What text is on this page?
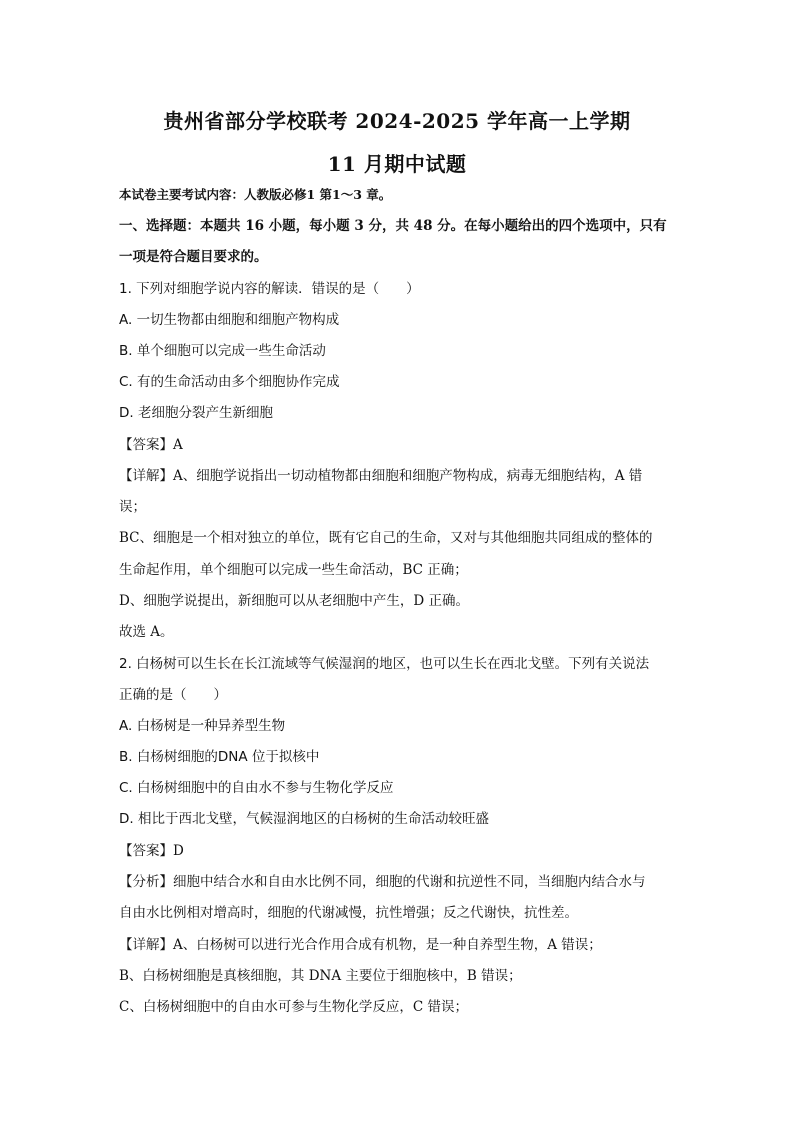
贵州省部分学校联考 2024-2025 学年高一上学期
11 月期中试题
本试卷主要考试内容：人教版必修1 第1～3 章。
一、选择题：本题共 16 小题，每小题 3 分，共 48 分。在每小题给出的四个选项中，只有
一项是符合题目要求的。
1. 下列对细胞学说内容的解读．错误的是（　　）
A. 一切生物都由细胞和细胞产物构成
B. 单个细胞可以完成一些生命活动
C. 有的生命活动由多个细胞协作完成
D. 老细胞分裂产生新细胞
【答案】A
【详解】A、细胞学说指出一切动植物都由细胞和细胞产物构成，病毒无细胞结构，A 错
误；
BC、细胞是一个相对独立的单位，既有它自己的生命，又对与其他细胞共同组成的整体的
生命起作用，单个细胞可以完成一些生命活动，BC 正确；
D、细胞学说提出，新细胞可以从老细胞中产生，D 正确。
故选 A。
2. 白杨树可以生长在长江流域等气候湿润的地区，也可以生长在西北戈壁。下列有关说法
正确的是（　　）
A. 白杨树是一种异养型生物
B. 白杨树细胞的DNA 位于拟核中
C. 白杨树细胞中的自由水不参与生物化学反应
D. 相比于西北戈壁，气候湿润地区的白杨树的生命活动较旺盛
【答案】D
【分析】细胞中结合水和自由水比例不同，细胞的代谢和抗逆性不同，当细胞内结合水与
自由水比例相对增高时，细胞的代谢减慢，抗性增强；反之代谢快，抗性差。
【详解】A、白杨树可以进行光合作用合成有机物，是一种自养型生物，A 错误；
B、白杨树细胞是真核细胞，其 DNA 主要位于细胞核中，B 错误；
C、白杨树细胞中的自由水可参与生物化学反应，C 错误；
